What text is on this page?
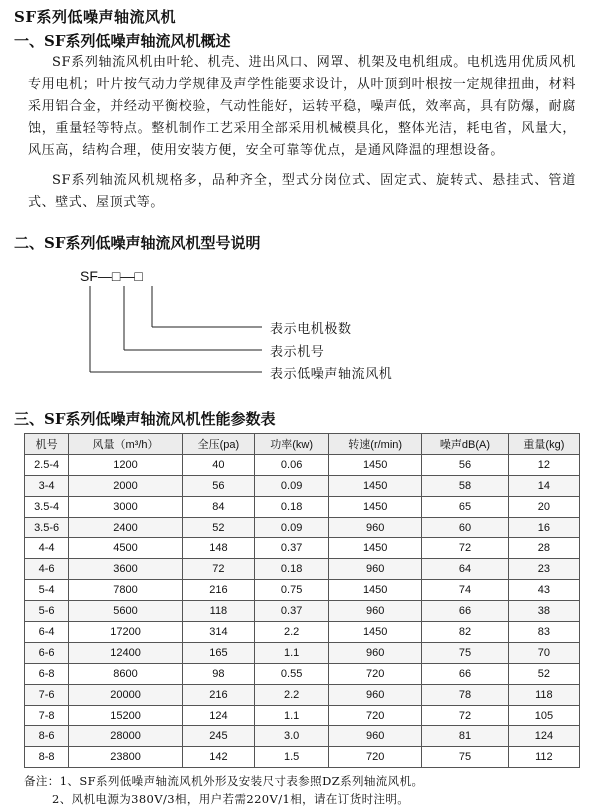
SF系列低噪声轴流风机
一、SF系列低噪声轴流风机概述

SF系列轴流风机由叶轮、机壳、进出风口、网罩、机架及电机组成。电机选用优质风机专用电机；叶片按气动力学规律及声学性能要求设计，从叶顶到叶根按一定规律扭曲，材料采用铝合金，并经动平衡校验，气动性能好，运转平稳，噪声低，效率高，具有防爆，耐腐蚀，重量轻等特点。整机制作工艺采用全部采用机械模具化，整体光洁，耗电省，风量大，风压高，结构合理，使用安装方便，安全可靠等优点，是通风降温的理想设备。

SF系列轴流风机规格多，品种齐全，型式分岗位式、固定式、旋转式、悬挂式、管道式、壁式、屋顶式等。

二、SF系列低噪声轴流风机型号说明
SF—□—□
表示电机极数
表示机号
表示低噪声轴流风机
三、SF系列低噪声轴流风机性能参数表
机号	风量（m³/h）	全压(pa)	功率(kw)	转速(r/min)	噪声dB(A)	重量(kg)
2.5-4	1200	40	0.06	1450	56	12
3-4	2000	56	0.09	1450	58	14
3.5-4	3000	84	0.18	1450	65	20
3.5-6	2400	52	0.09	960	60	16
4-4	4500	148	0.37	1450	72	28
4-6	3600	72	0.18	960	64	23
5-4	7800	216	0.75	1450	74	43
5-6	5600	118	0.37	960	66	38
6-4	17200	314	2.2	1450	82	83
6-6	12400	165	1.1	960	75	70
6-8	8600	98	0.55	720	66	52
7-6	20000	216	2.2	960	78	118
7-8	15200	124	1.1	720	72	105
8-6	28000	245	3.0	960	81	124
8-8	23800	142	1.5	720	75	112
备注：1、SF系列低噪声轴流风机外形及安装尺寸表参照DZ系列轴流风机。
2、风机电源为380V/3相，用户若需220V/1相，请在订货时注明。
